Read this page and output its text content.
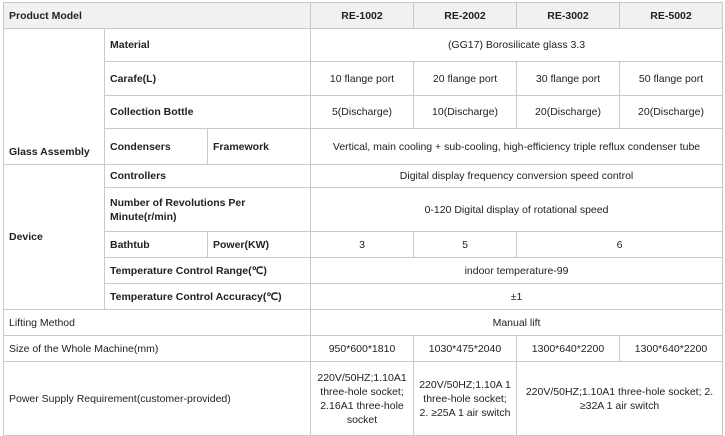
Product Model			RE-1002	RE-2002	RE-3002	RE-5002
Glass Assembly	Material		(GG17) Borosilicate glass 3.3			
	Carafe(L)		10 flange port	20 flange port	30 flange port	50 flange port
	Collection Bottle		5(Discharge)	10(Discharge)	20(Discharge)	20(Discharge)
	Condensers	Framework	Vertical, main cooling + sub-cooling, high-efficiency triple reflux condenser tube			
Device	Controllers		Digital display frequency conversion speed control			
	Number of Revolutions Per Minute(r/min)		0-120 Digital display of rotational speed			
	Bathtub	Power(KW)	3	5	6	
	Temperature Control Range(℃)		indoor temperature-99			
	Temperature Control Accuracy(℃)		±1			
Lifting Method			Manual lift			
Size of the Whole Machine(mm)			950*600*1810	1030*475*2040	1300*640*2200	1300*640*2200
Power Supply Requirement(customer-provided)			220V/50HZ;1.10A1 three-hole socket; 2.16A1 three-hole socket	220V/50HZ;1.10A 1 three-hole socket; 2. ≥25A 1 air switch	220V/50HZ;1.10A1 three-hole socket; 2. ≥32A 1 air switch	
